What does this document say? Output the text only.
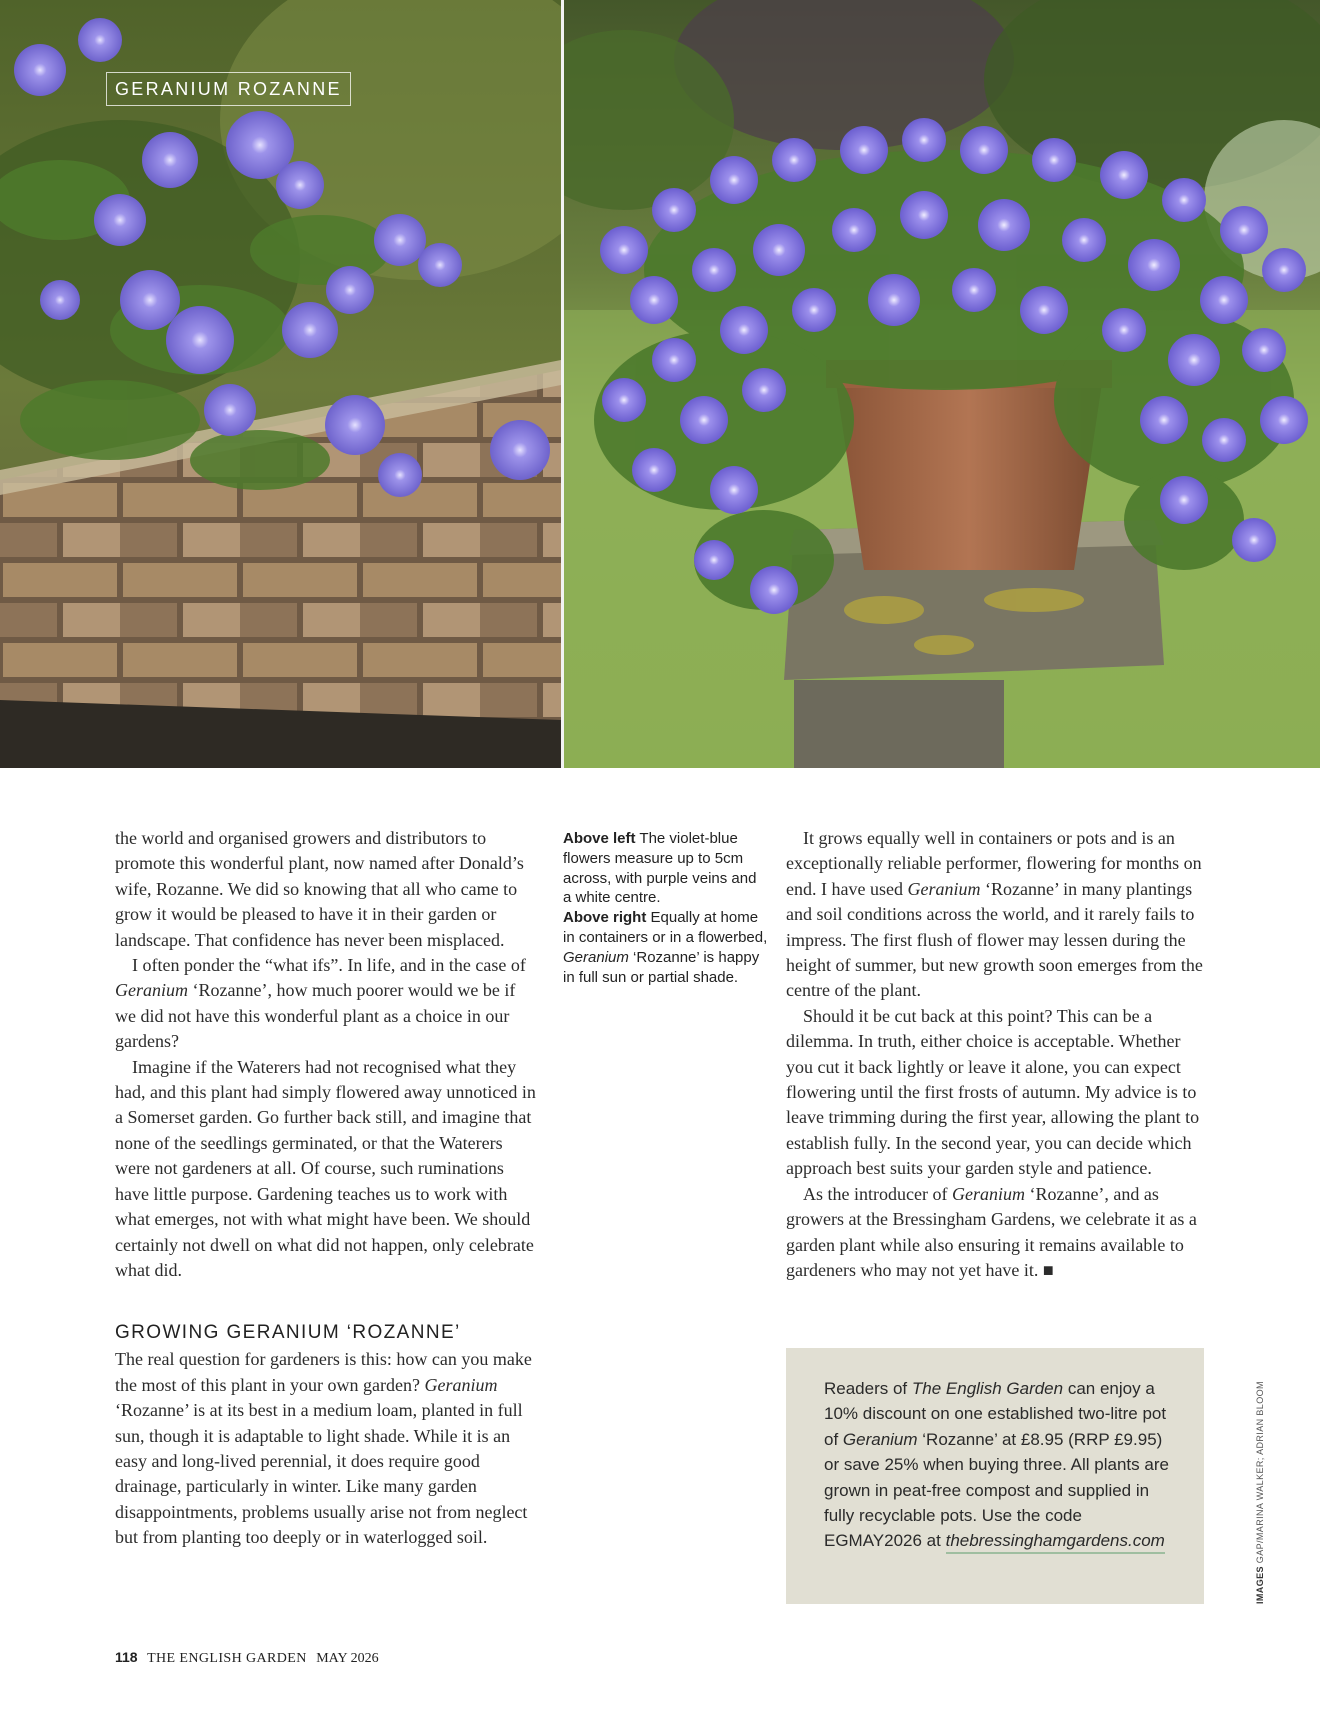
GERANIUM ROZANNE

the world and organised growers and distributors to promote this wonderful plant, now named after Donald’s wife, Rozanne. We did so knowing that all who came to grow it would be pleased to have it in their garden or landscape. That confidence has never been misplaced.

I often ponder the “what ifs”. In life, and in the case of Geranium ‘Rozanne’, how much poorer would we be if we did not have this wonderful plant as a choice in our gardens?

Imagine if the Waterers had not recognised what they had, and this plant had simply flowered away unnoticed in a Somerset garden. Go further back still, and imagine that none of the seedlings germinated, or that the Waterers were not gardeners at all. Of course, such ruminations have little purpose. Gardening teaches us to work with what emerges, not with what might have been. We should certainly not dwell on what did not happen, only celebrate what did.

GROWING GERANIUM ‘ROZANNE’

The real question for gardeners is this: how can you make the most of this plant in your own garden? Geranium ‘Rozanne’ is at its best in a medium loam, planted in full sun, though it is adaptable to light shade. While it is an easy and long-lived perennial, it does require good drainage, particularly in winter. Like many garden disappointments, problems usually arise not from neglect but from planting too deeply or in waterlogged soil.

Above left The violet-blue flowers measure up to 5cm across, with purple veins and a white centre.

Above right Equally at home in containers or in a flowerbed, Geranium ‘Rozanne’ is happy in full sun or partial shade.

It grows equally well in containers or pots and is an exceptionally reliable performer, flowering for months on end. I have used Geranium ‘Rozanne’ in many plantings and soil conditions across the world, and it rarely fails to impress. The first flush of flower may lessen during the height of summer, but new growth soon emerges from the centre of the plant.

Should it be cut back at this point? This can be a dilemma. In truth, either choice is acceptable. Whether you cut it back lightly or leave it alone, you can expect flowering until the first frosts of autumn. My advice is to leave trimming during the first year, allowing the plant to establish fully. In the second year, you can decide which approach best suits your garden style and patience.

As the introducer of Geranium ‘Rozanne’, and as growers at the Bressingham Gardens, we celebrate it as a garden plant while also ensuring it remains available to gardeners who may not yet have it. ■

Readers of The English Garden can enjoy a 10% discount on one established two-litre pot of Geranium ‘Rozanne’ at £8.95 (RRP £9.95) or save 25% when buying three. All plants are grown in peat-free compost and supplied in fully recyclable pots. Use the code EGMAY2026 at thebressinghamgardens.com
IMAGES GAP/MARINA WALKER; ADRIAN BLOOM
118 THE ENGLISH GARDEN MAY 2026
